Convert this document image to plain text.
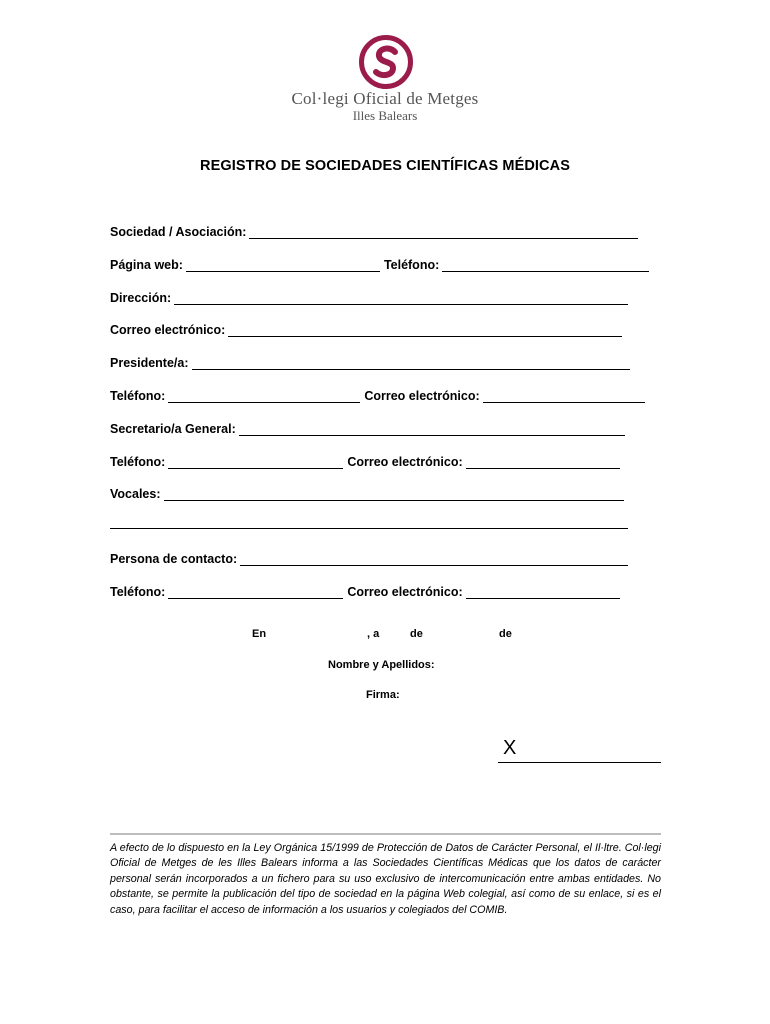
Col·legi Oficial de Metges
Illes Balears
REGISTRO DE SOCIEDADES CIENTÍFICAS MÉDICAS
Sociedad / Asociación:
Página web:	Teléfono:
Dirección:
Correo electrónico:
Presidente/a:
Teléfono:	Correo electrónico:
Secretario/a General:
Teléfono:	Correo electrónico:
Vocales:
Persona de contacto:
Teléfono:	Correo electrónico:
En	, a	de	de
Nombre y Apellidos:
Firma:
X
A efecto de lo dispuesto en la Ley Orgánica 15/1999 de Protección de Datos de Carácter Personal, el Il·ltre. Col·legi Oficial de Metges de les Illes Balears informa a las Sociedades Científicas Médicas que los datos de carácter personal serán incorporados a un fichero para su uso exclusivo de intercomunicación entre ambas entidades. No obstante, se permite la publicación del tipo de sociedad en la página Web colegial, así como de su enlace, si es el caso, para facilitar el acceso de información a los usuarios y colegiados del COMIB.
